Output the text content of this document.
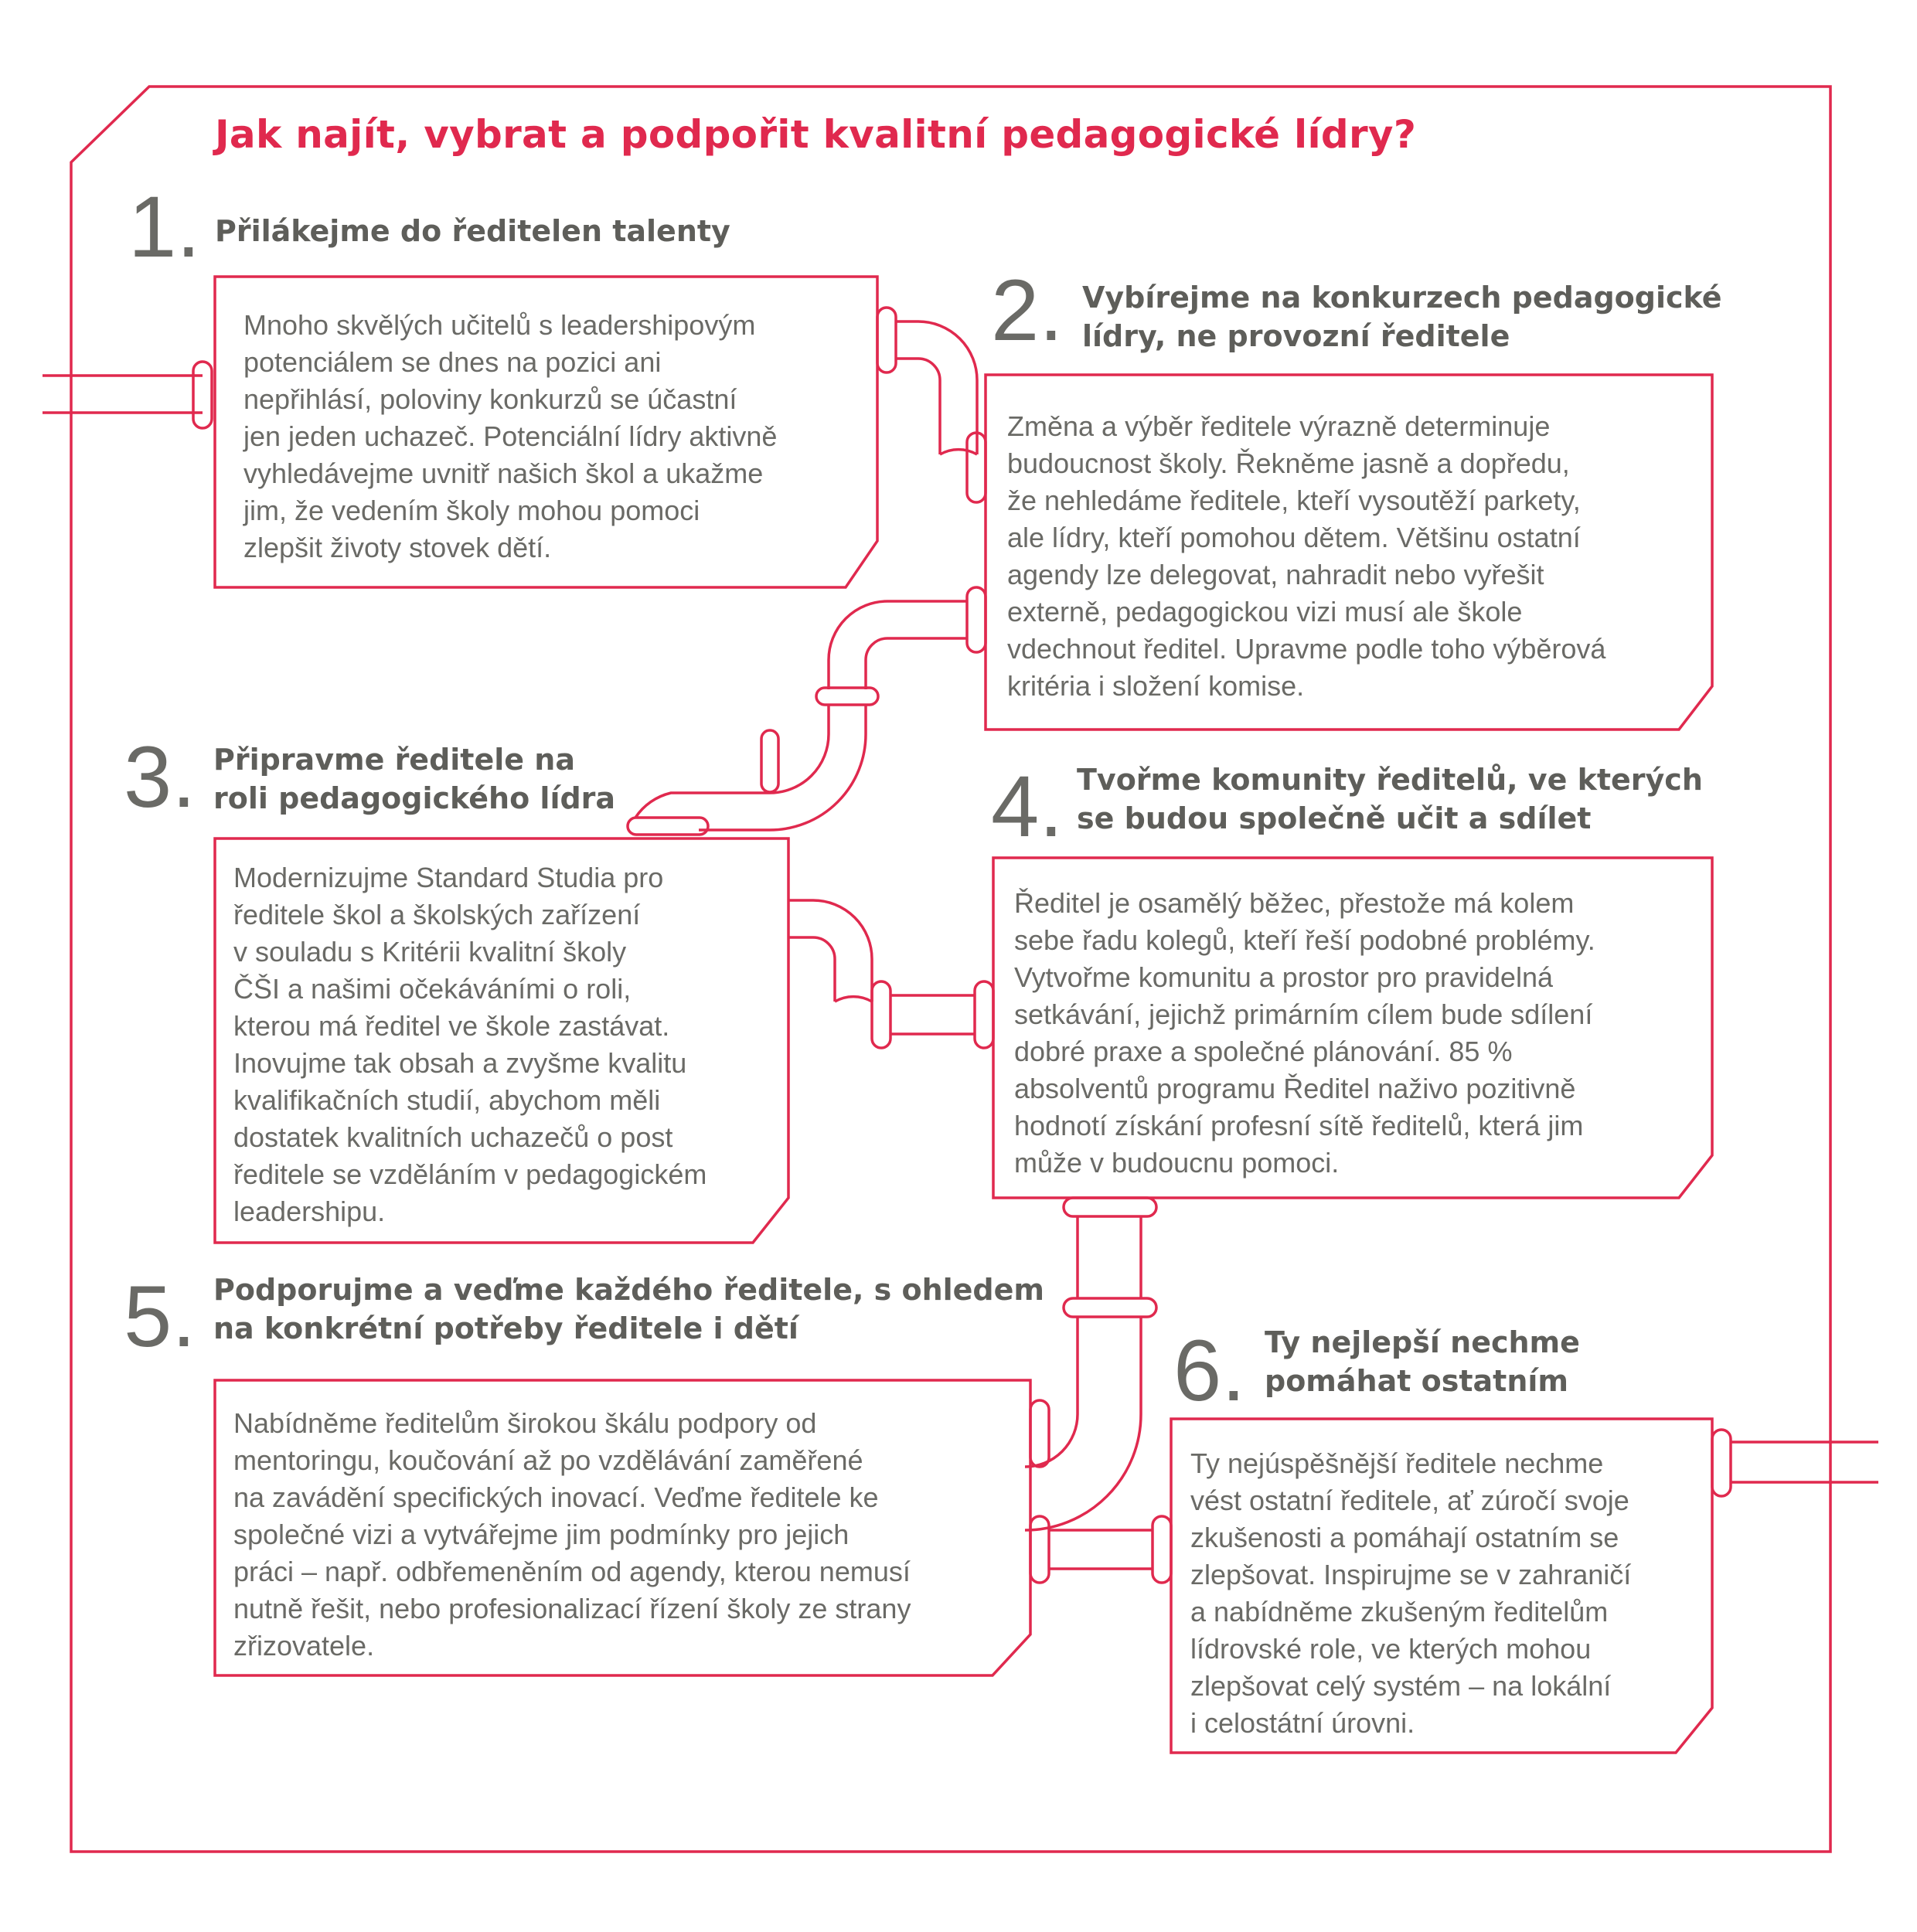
Jak najít, vybrat a podpořit kvalitní pedagogické lídry?
1. Přilákejme do ředitelen talenty

Mnoho skvělých učitelů s leadershipovým
potenciálem se dnes na pozici ani
nepřihlásí, poloviny konkurzů se účastní
jen jeden uchazeč. Potenciální lídry aktivně
vyhledávejme uvnitř našich škol a ukažme
jim, že vedením školy mohou pomoci
zlepšit životy stovek dětí.

2. Vybírejme na konkurzech pedagogické
lídry, ne provozní ředitele

Změna a výběr ředitele výrazně determinuje
budoucnost školy. Řekněme jasně a dopředu,
že nehledáme ředitele, kteří vysoutěží parkety,
ale lídry, kteří pomohou dětem. Většinu ostatní
agendy lze delegovat, nahradit nebo vyřešit
externě, pedagogickou vizi musí ale škole
vdechnout ředitel. Upravme podle toho výběrová
kritéria i složení komise.

3. Připravme ředitele na
roli pedagogického lídra

Modernizujme Standard Studia pro
ředitele škol a školských zařízení
v souladu s Kritérii kvalitní školy
ČŠI a našimi očekáváními o roli,
kterou má ředitel ve škole zastávat.
Inovujme tak obsah a zvyšme kvalitu
kvalifikačních studií, abychom měli
dostatek kvalitních uchazečů o post
ředitele se vzděláním v pedagogickém
leadershipu.

4. Tvořme komunity ředitelů, ve kterých
se budou společně učit a sdílet

Ředitel je osamělý běžec, přestože má kolem
sebe řadu kolegů, kteří řeší podobné problémy.
Vytvořme komunitu a prostor pro pravidelná
setkávání, jejichž primárním cílem bude sdílení
dobré praxe a společné plánování. 85 %
absolventů programu Ředitel naživo pozitivně
hodnotí získání profesní sítě ředitelů, která jim
může v budoucnu pomoci.

5. Podporujme a veďme každého ředitele, s ohledem
na konkrétní potřeby ředitele i dětí

Nabídněme ředitelům širokou škálu podpory od
mentoringu, koučování až po vzdělávání zaměřené
na zavádění specifických inovací. Veďme ředitele ke
společné vizi a vytvářejme jim podmínky pro jejich
práci – např. odbřemeněním od agendy, kterou nemusí
nutně řešit, nebo profesionalizací řízení školy ze strany
zřizovatele.

6. Ty nejlepší nechme
pomáhat ostatním

Ty nejúspěšnější ředitele nechme
vést ostatní ředitele, ať zúročí svoje
zkušenosti a pomáhají ostatním se
zlepšovat. Inspirujme se v zahraničí
a nabídněme zkušeným ředitelům
lídrovské role, ve kterých mohou
zlepšovat celý systém – na lokální
i celostátní úrovni.
